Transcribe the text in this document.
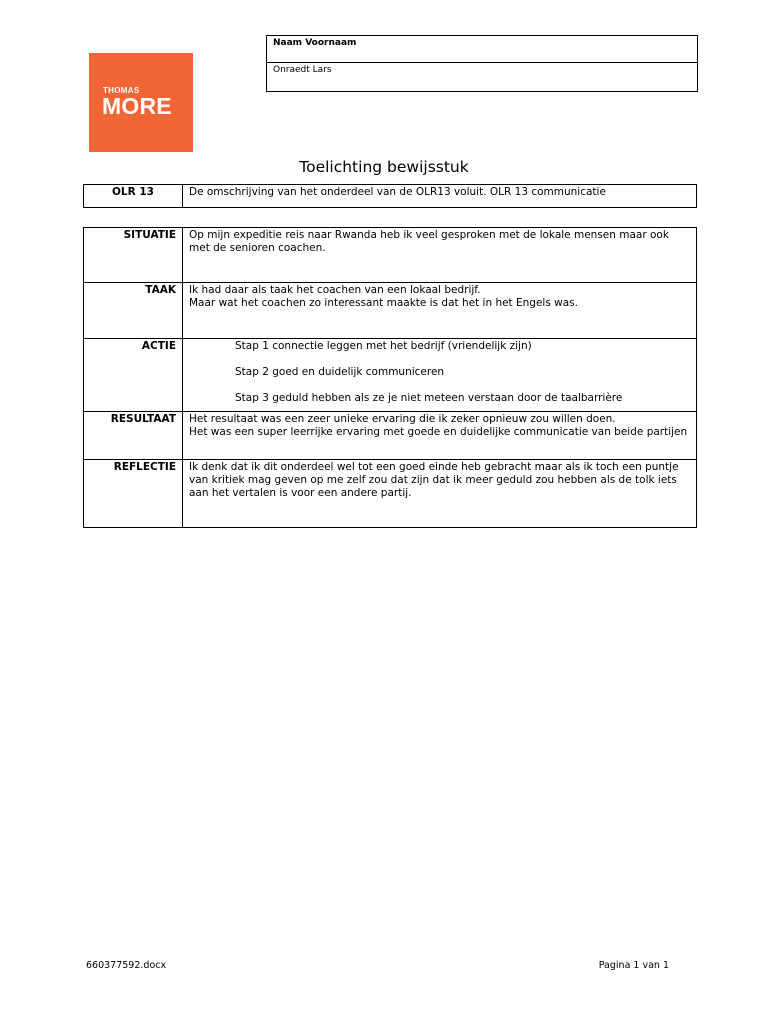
THOMAS
MORE
Naam Voornaam
Onraedt Lars
Toelichting bewijsstuk
OLR 13	De omschrijving van het onderdeel van de OLR13 voluit. OLR 13 communicatie
SITUATIE	Op mijn expeditie reis naar Rwanda heb ik veel gesproken met de lokale mensen maar ook met de senioren coachen.
TAAK	Ik had daar als taak het coachen van een lokaal bedrijf.

Maar wat het coachen zo interessant maakte is dat het in het Engels was.

ACTIE	Stap 1 connectie leggen met het bedrijf (vriendelijk zijn)

Stap 2 goed en duidelijk communiceren

Stap 3 geduld hebben als ze je niet meteen verstaan door de taalbarrière

RESULTAAT	Het resultaat was een zeer unieke ervaring die ik zeker opnieuw zou willen doen.

Het was een super leerrijke ervaring met goede en duidelijke communicatie van beide partijen

REFLECTIE	Ik denk dat ik dit onderdeel wel tot een goed einde heb gebracht maar als ik toch een puntje van kritiek mag geven op me zelf zou dat zijn dat ik meer geduld zou hebben als de tolk iets aan het vertalen is voor een andere partij.
660377592.docx	Pagina 1 van 1
